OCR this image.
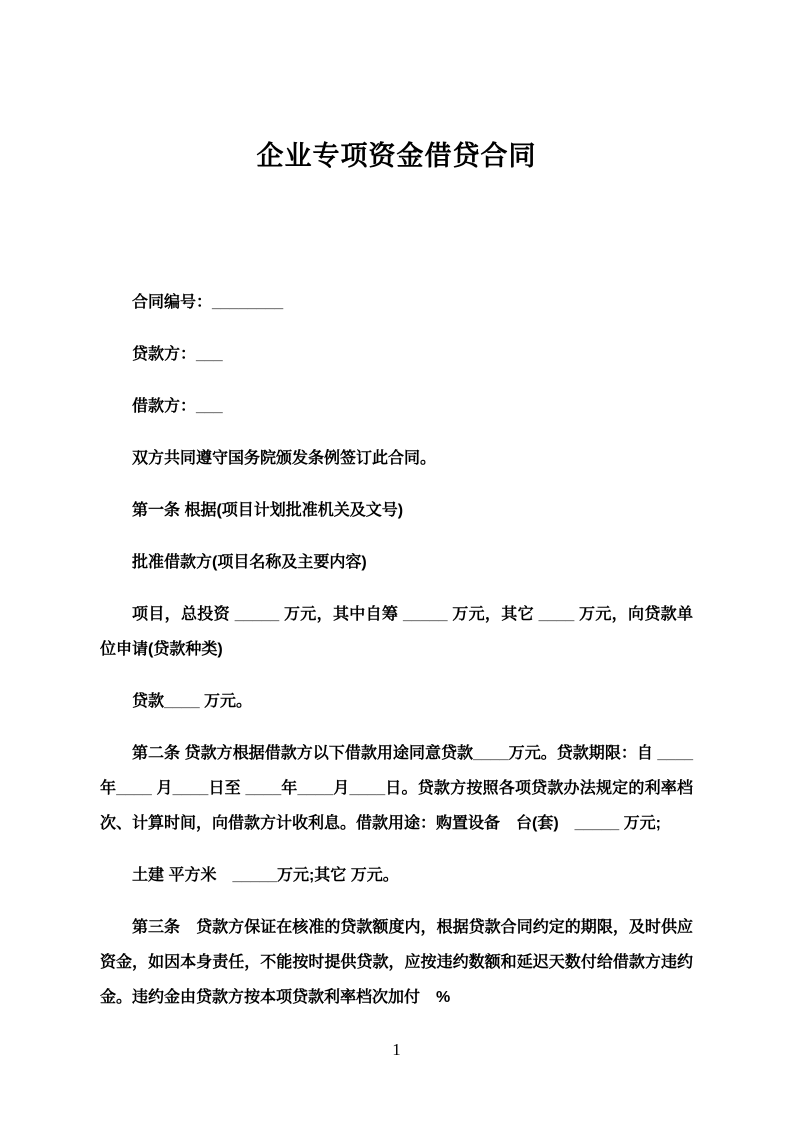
企业专项资金借贷合同

合同编号：________

贷款方：___

借款方：___

双方共同遵守国务院颁发条例签订此合同。

第一条 根据(项目计划批准机关及文号)

批准借款方(项目名称及主要内容)

项目，总投资 _____ 万元，其中自筹 _____ 万元，其它 ____ 万元，向贷款单位申请(贷款种类)

贷款____ 万元。

第二条 贷款方根据借款方以下借款用途同意贷款____万元。贷款期限：自 ____年____ 月____日至 ____年____月____日。贷款方按照各项贷款办法规定的利率档次、计算时间，向借款方计收利息。借款用途：购置设备　台(套)　_____ 万元;

土建 平方米　_____万元;其它 万元。

第三条　贷款方保证在核准的贷款额度内，根据贷款合同约定的期限，及时供应资金，如因本身责任，不能按时提供贷款，应按违约数额和延迟天数付给借款方违约金。违约金由贷款方按本项贷款利率档次加付　%

1
